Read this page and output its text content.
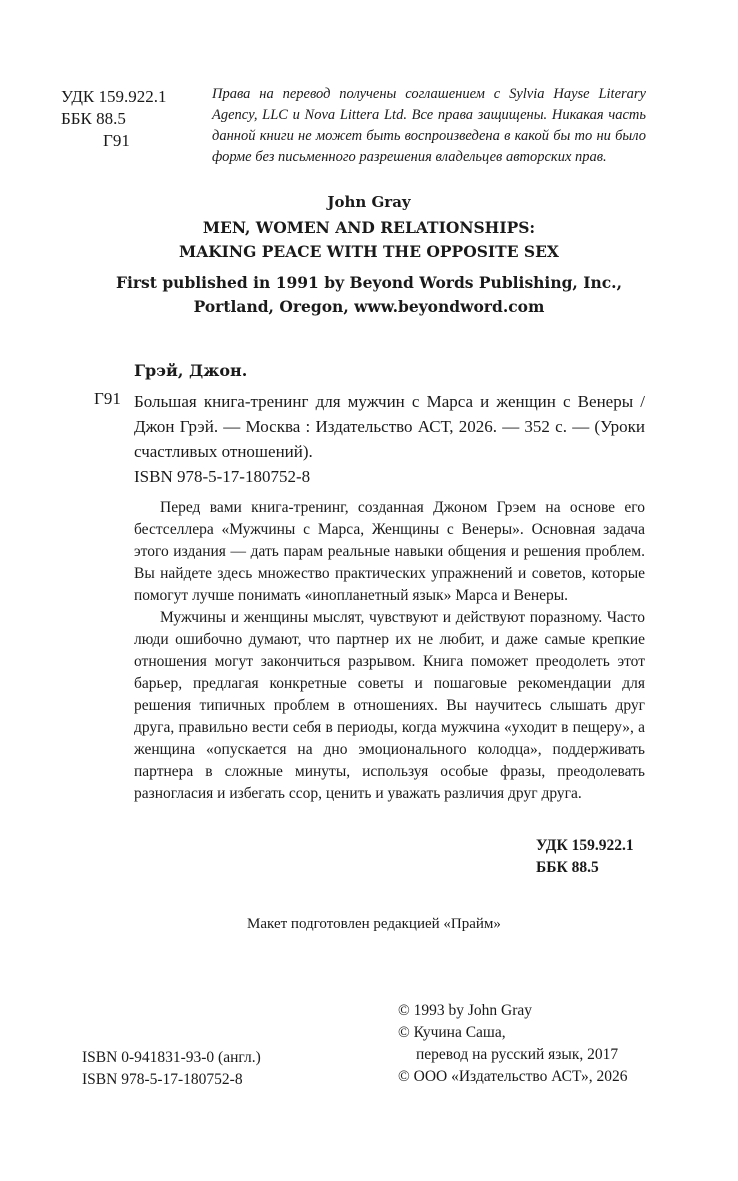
УДК 159.922.1
ББК 88.5
Г91
Права на перевод получены соглашением с Sylvia Hayse Literary Agency, LLC и Nova Littera Ltd. Все права защищены. Никакая часть данной книги не может быть воспроизведена в какой бы то ни было форме без письменного разрешения владельцев авторских прав.
John Gray
MEN, WOMEN AND RELATIONSHIPS:
MAKING PEACE WITH THE OPPOSITE SEX
First published in 1991 by Beyond Words Publishing, Inc.,
Portland, Oregon, www.beyondword.com
Грэй, Джон.
Г91 Большая книга-тренинг для мужчин с Марса и женщин с Венеры / Джон Грэй. — Москва : Издательство АСТ, 2026. — 352 с. — (Уроки счастливых отношений).
ISBN 978-5-17-180752-8

Перед вами книга-тренинг, созданная Джоном Грэем на основе его бестселлера «Мужчины с Марса, Женщины с Венеры». Основная задача этого издания — дать парам реальные навыки общения и решения проблем. Вы найдете здесь множество практических упражнений и советов, которые помогут лучше понимать «инопланетный язык» Марса и Венеры.

Мужчины и женщины мыслят, чувствуют и действуют поразному. Часто люди ошибочно думают, что партнер их не любит, и даже самые крепкие отношения могут закончиться разрывом. Книга поможет преодолеть этот барьер, предлагая конкретные советы и пошаговые рекомендации для решения типичных проблем в отношениях. Вы научитесь слышать друг друга, правильно вести себя в периоды, когда мужчина «уходит в пещеру», а женщина «опускается на дно эмоционального колодца», поддерживать партнера в сложные минуты, используя особые фразы, преодолевать разногласия и избегать ссор, ценить и уважать различия друг друга.

УДК 159.922.1
ББК 88.5
Макет подготовлен редакцией «Прайм»
ISBN 0-941831-93-0 (англ.)
ISBN 978-5-17-180752-8
© 1993 by John Gray
© Кучина Саша,
перевод на русский язык, 2017
© ООО «Издательство АСТ», 2026
